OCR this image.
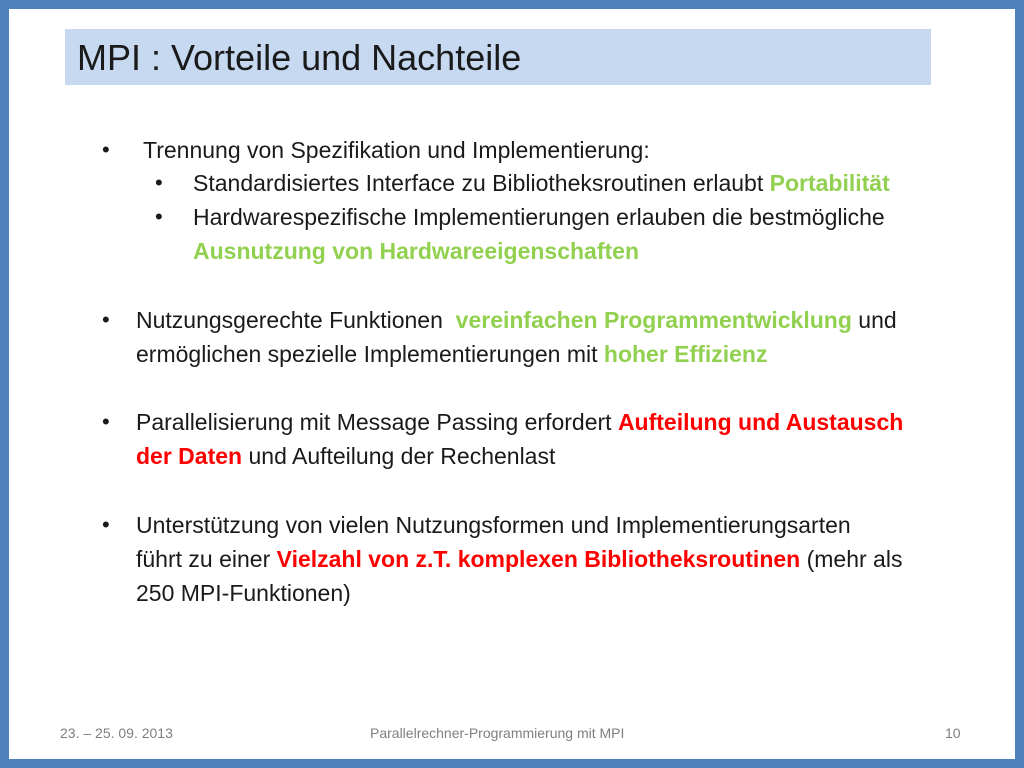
MPI : Vorteile und Nachteile
• Trennung von Spezifikation und Implementierung:
• Standardisiertes Interface zu Bibliotheksroutinen erlaubt Portabilität
• Hardwarespezifische Implementierungen erlauben die bestmögliche
Ausnutzung von Hardwareeigenschaften
• Nutzungsgerechte Funktionen vereinfachen Programmentwicklung und
ermöglichen spezielle Implementierungen mit hoher Effizienz
• Parallelisierung mit Message Passing erfordert Aufteilung und Austausch
der Daten und Aufteilung der Rechenlast
• Unterstützung von vielen Nutzungsformen und Implementierungsarten
führt zu einer Vielzahl von z.T. komplexen Bibliotheksroutinen (mehr als
250 MPI-Funktionen)
23. – 25. 09. 2013	Parallelrechner-Programmierung mit MPI	10
